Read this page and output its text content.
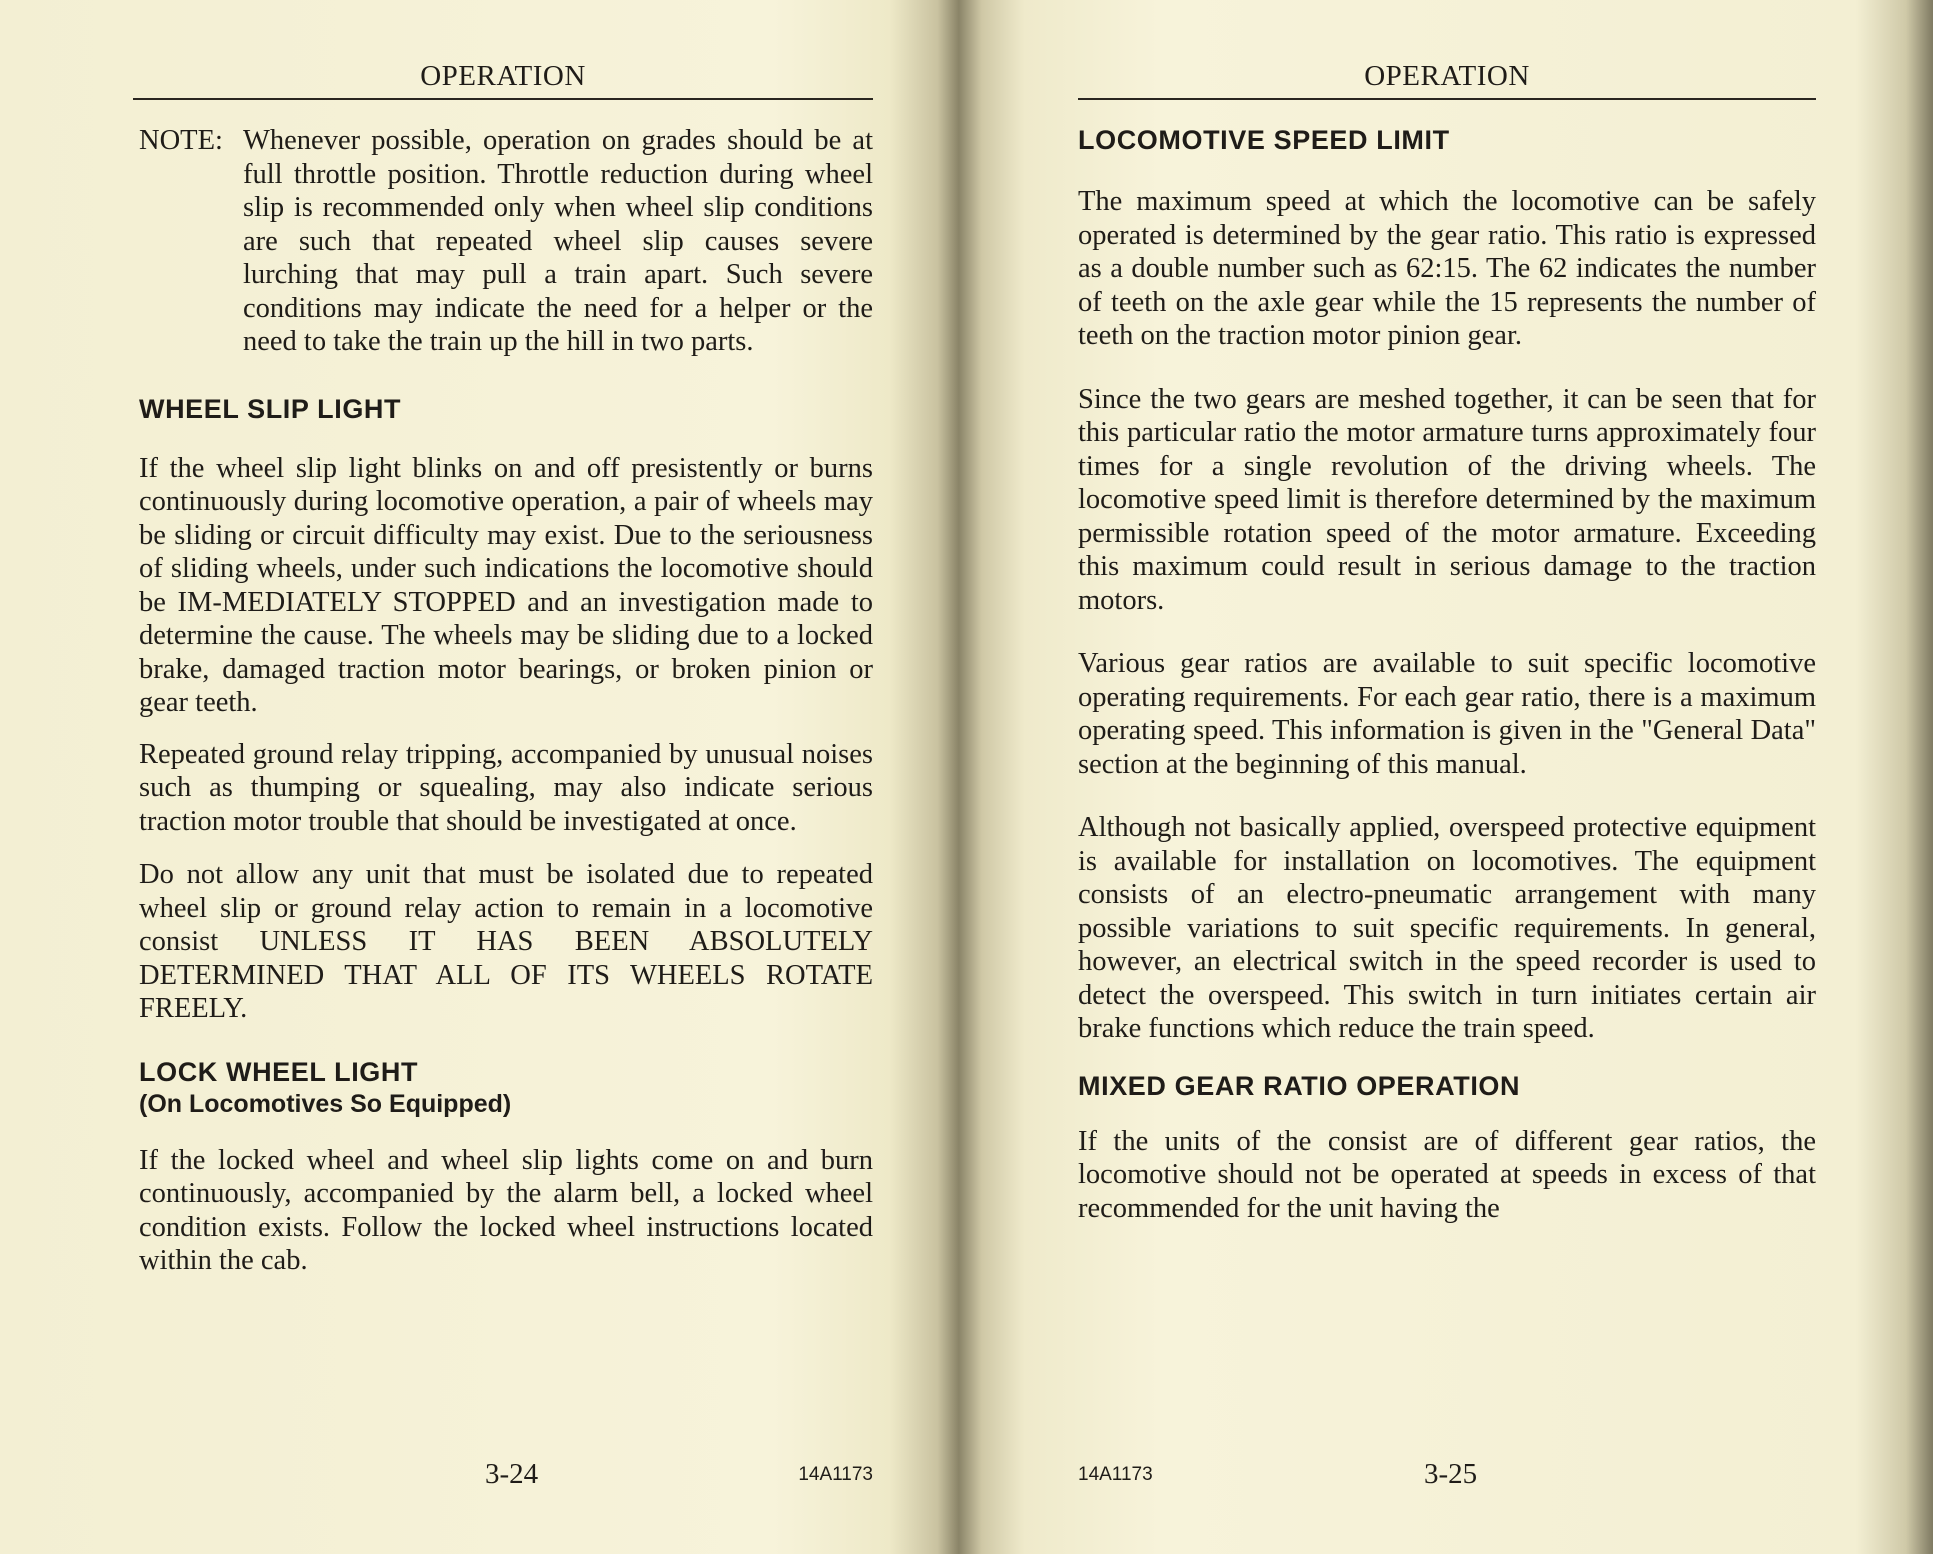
OPERATION
NOTE: Whenever possible, operation on grades should be at full throttle position. Throttle reduction during wheel slip is recommended only when wheel slip conditions are such that repeated wheel slip causes severe lurching that may pull a train apart. Such severe conditions may indicate the need for a helper or the need to take the train up the hill in two parts.
WHEEL SLIP LIGHT

If the wheel slip light blinks on and off presistently or burns continuously during locomotive operation, a pair of wheels may be sliding or circuit difficulty may exist. Due to the seriousness of sliding wheels, under such indications the locomotive should be IM-MEDIATELY STOPPED and an investigation made to determine the cause. The wheels may be sliding due to a locked brake, damaged traction motor bearings, or broken pinion or gear teeth.

Repeated ground relay tripping, accompanied by unusual noises such as thumping or squealing, may also indicate serious traction motor trouble that should be investigated at once.

Do not allow any unit that must be isolated due to repeated wheel slip or ground relay action to remain in a locomotive consist UNLESS IT HAS BEEN ABSOLUTELY DETERMINED THAT ALL OF ITS WHEELS ROTATE FREELY.

LOCK WHEEL LIGHT
(On Locomotives So Equipped)

If the locked wheel and wheel slip lights come on and burn continuously, accompanied by the alarm bell, a locked wheel condition exists. Follow the locked wheel instructions located within the cab.

3-24	14A1173
OPERATION
LOCOMOTIVE SPEED LIMIT

The maximum speed at which the locomotive can be safely operated is determined by the gear ratio. This ratio is expressed as a double number such as 62:15. The 62 indicates the number of teeth on the axle gear while the 15 represents the number of teeth on the traction motor pinion gear.

Since the two gears are meshed together, it can be seen that for this particular ratio the motor armature turns approximately four times for a single revolution of the driving wheels. The locomotive speed limit is therefore determined by the maximum permissible rotation speed of the motor armature. Exceeding this maximum could result in serious damage to the traction motors.

Various gear ratios are available to suit specific locomotive operating requirements. For each gear ratio, there is a maximum operating speed. This information is given in the "General Data" section at the beginning of this manual.

Although not basically applied, overspeed protective equipment is available for installation on locomotives. The equipment consists of an electro-pneumatic arrangement with many possible variations to suit specific requirements. In general, however, an electrical switch in the speed recorder is used to detect the overspeed. This switch in turn initiates certain air brake functions which reduce the train speed.

MIXED GEAR RATIO OPERATION

If the units of the consist are of different gear ratios, the locomotive should not be operated at speeds in excess of that recommended for the unit having the

14A1173	3-25
